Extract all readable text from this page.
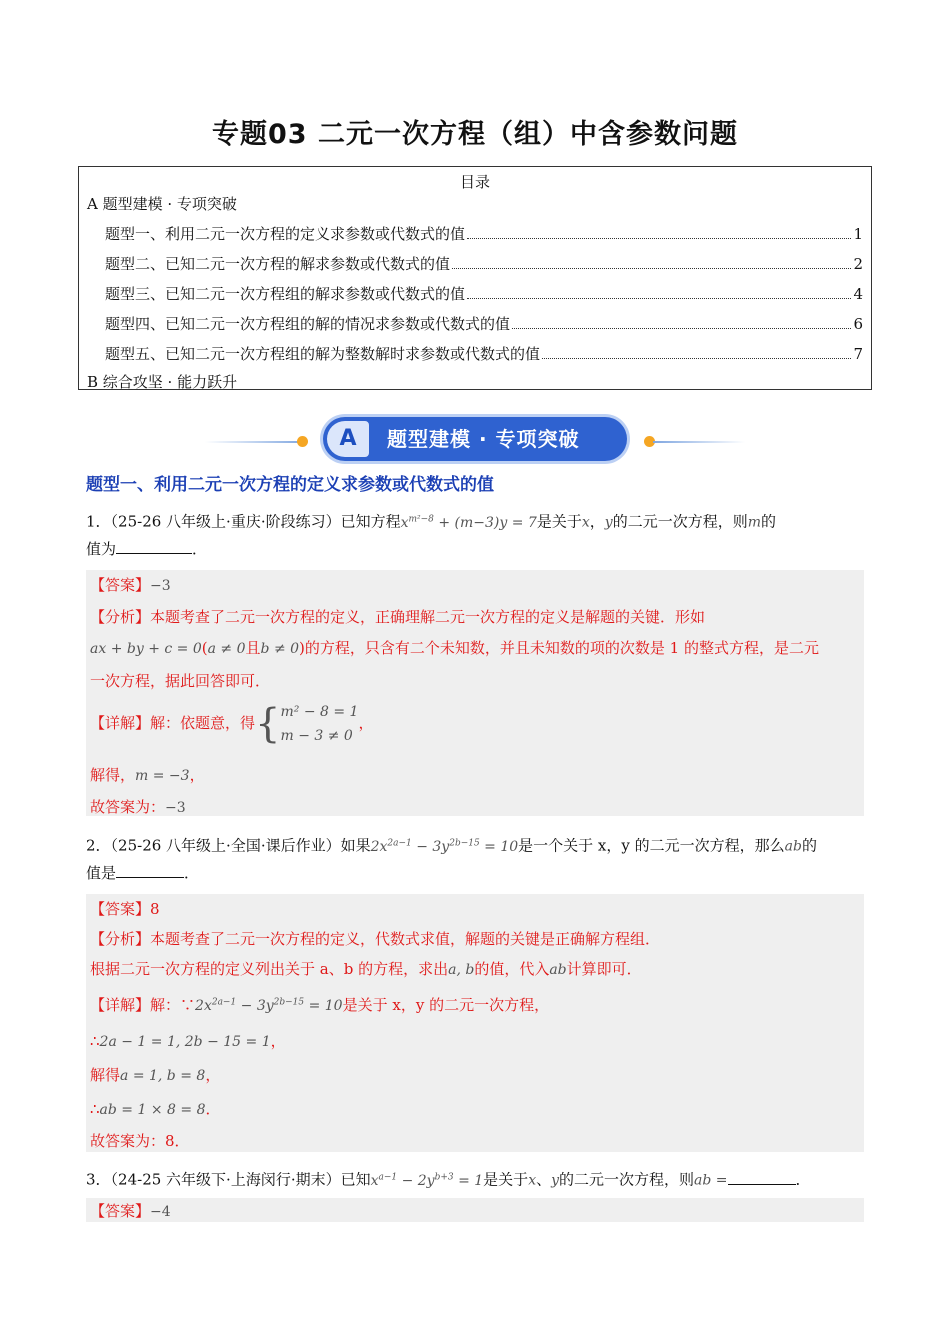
专题03 二元一次方程（组）中含参数问题
目录
A 题型建模 · 专项突破
题型一、利用二元一次方程的定义求参数或代数式的值	1
题型二、已知二元一次方程的解求参数或代数式的值	2
题型三、已知二元一次方程组的解求参数或代数式的值	4
题型四、已知二元一次方程组的解的情况求参数或代数式的值	6
题型五、已知二元一次方程组的解为整数解时求参数或代数式的值	7
B 综合攻坚 · 能力跃升
A	题型建模 · 专项突破
题型一、利用二元一次方程的定义求参数或代数式的值
1．（25-26 八年级上·重庆·阶段练习）已知方程$x^{m^2-8} + (m-3)y = 7$是关于x，y的二元一次方程，则m的
值为	．
【答案】−3
【分析】本题考查了二元一次方程的定义，正确理解二元一次方程的定义是解题的关键．形如
ax + by + c = 0(a ≠ 0且b ≠ 0)的方程，只含有二个未知数，并且未知数的项的次数是 1 的整式方程，是二元
一次方程，据此回答即可．
【详解】解：依题意，得{m² − 8 = 1
m − 3 ≠ 0，
解得，m = −3，
故答案为：−3
2．（25-26 八年级上·全国·课后作业）如果$2x^{2a-1} - 3y^{2b-15} = 10$是一个关于 x，y 的二元一次方程，那么ab的
值是	．
【答案】8
【分析】本题考查了二元一次方程的定义，代数式求值，解题的关键是正确解方程组．
根据二元一次方程的定义列出关于 a、b 的方程，求出a, b的值，代入ab计算即可．
【详解】解：$\because 2x^{2a-1} - 3y^{2b-15} = 10$是关于 x，y 的二元一次方程，
∴2a − 1 = 1, 2b − 15 = 1，
解得a = 1, b = 8，
∴ab = 1 × 8 = 8．
故答案为：8．
3．（24-25 六年级下·上海闵行·期末）已知$x^{a-1} - 2y^{b+3} = 1$是关于x、y的二元一次方程，则ab =	．
【答案】−4
